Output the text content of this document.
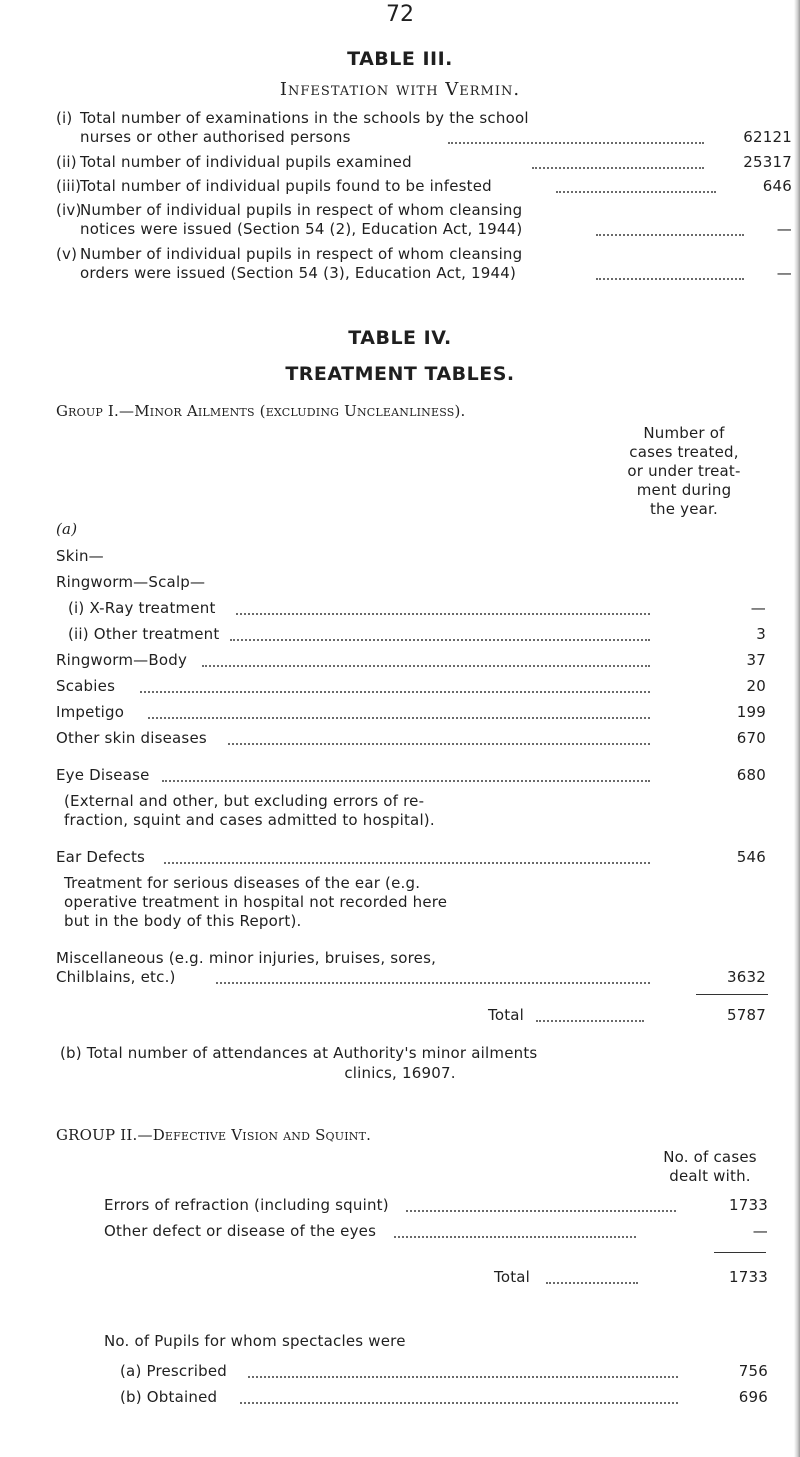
72
TABLE III.
Infestation with Vermin.
(i) Total number of examinations in the schools by the school
nurses or other authorised persons	62121
(ii) Total number of individual pupils examined	25317
(iii)
Total number of individual pupils found to be infested	646
(iv)
Number of individual pupils in respect of whom cleansing
notices were issued (Section 54 (2), Education Act, 1944)	—
(v) Number of individual pupils in respect of whom cleansing
orders were issued (Section 54 (3), Education Act, 1944)	—
TABLE IV.
TREATMENT TABLES.
Group I.—Minor Ailments (excluding Uncleanliness).
Number of
cases treated,
or under treat-
ment during
the year.
(a)
Skin—
Ringworm—Scalp—
(i) X-Ray treatment	—
(ii) Other treatment	3
Ringworm—Body	37
Scabies	20
Impetigo	199
Other skin diseases	670
Eye Disease	680
(External and other, but excluding errors of re-
fraction, squint and cases admitted to hospital).
Ear Defects	546
Treatment for serious diseases of the ear (e.g.
operative treatment in hospital not recorded here
but in the body of this Report).
Miscellaneous (e.g. minor injuries, bruises, sores,
Chilblains, etc.)	3632
Total	5787
(b) Total number of attendances at Authority's minor ailments
clinics, 16907.
GROUP II.—Defective Vision and Squint.
No. of cases
dealt with.
Errors of refraction (including squint)	1733
Other defect or disease of the eyes	—
Total	1733
No. of Pupils for whom spectacles were
(a) Prescribed	756
(b) Obtained	696
